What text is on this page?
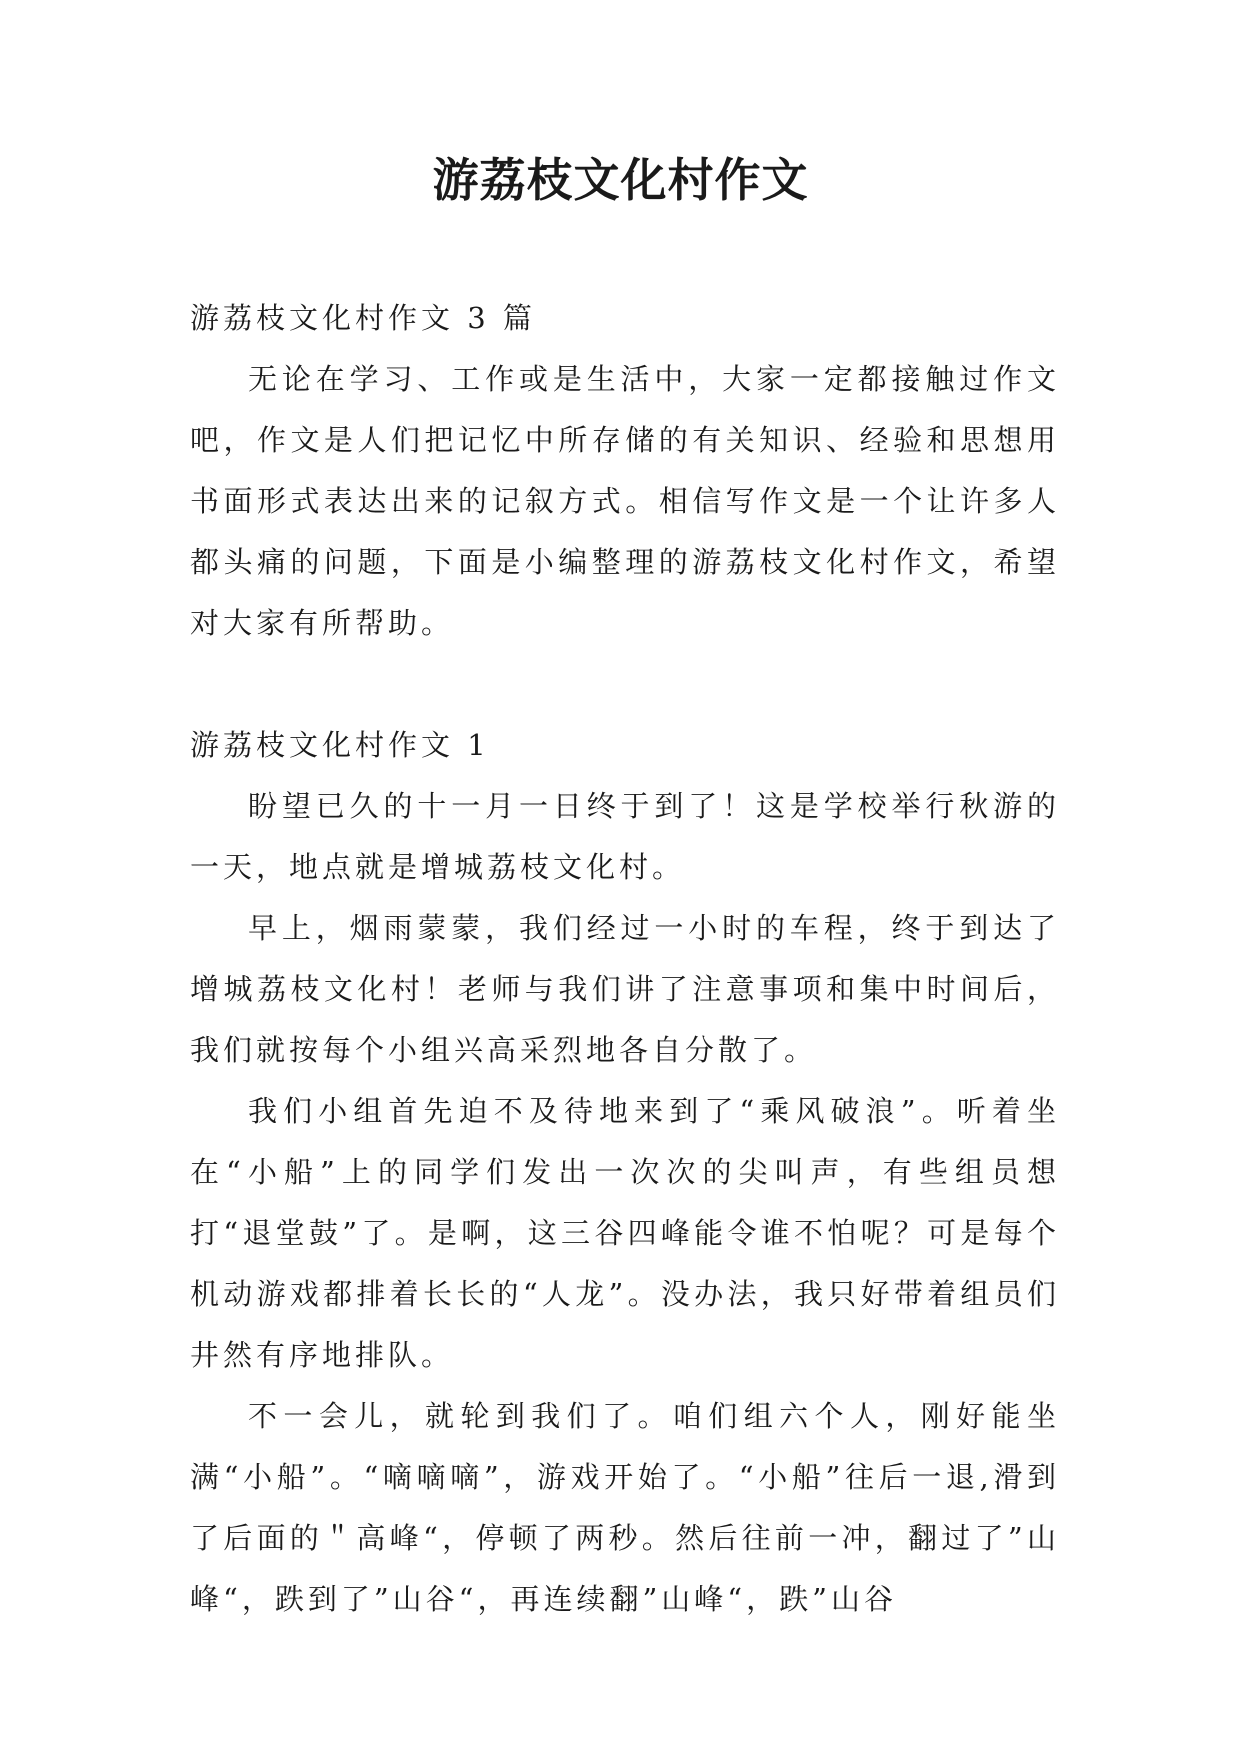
游荔枝文化村作文

游荔枝文化村作文 3 篇

无论在学习、工作或是生活中，大家一定都接触过作文吧，作文是人们把记忆中所存储的有关知识、经验和思想用书面形式表达出来的记叙方式。相信写作文是一个让许多人都头痛的问题，下面是小编整理的游荔枝文化村作文，希望对大家有所帮助。

游荔枝文化村作文 1

盼望已久的十一月一日终于到了！这是学校举行秋游的一天，地点就是增城荔枝文化村。

早上，烟雨蒙蒙，我们经过一小时的车程，终于到达了增城荔枝文化村！老师与我们讲了注意事项和集中时间后，我们就按每个小组兴高采烈地各自分散了。

我们小组首先迫不及待地来到了“乘风破浪”。听着坐在“小船”上的同学们发出一次次的尖叫声，有些组员想打“退堂鼓”了。是啊，这三谷四峰能令谁不怕呢？可是每个机动游戏都排着长长的“人龙”。没办法，我只好带着组员们井然有序地排队。

不一会儿，就轮到我们了。咱们组六个人，刚好能坐满“小船”。“嘀嘀嘀”，游戏开始了。“小船”往后一退,滑到了后面的＂高峰“，停顿了两秒。然后往前一冲，翻过了”山峰“，跌到了”山谷“，再连续翻”山峰“，跌”山谷
